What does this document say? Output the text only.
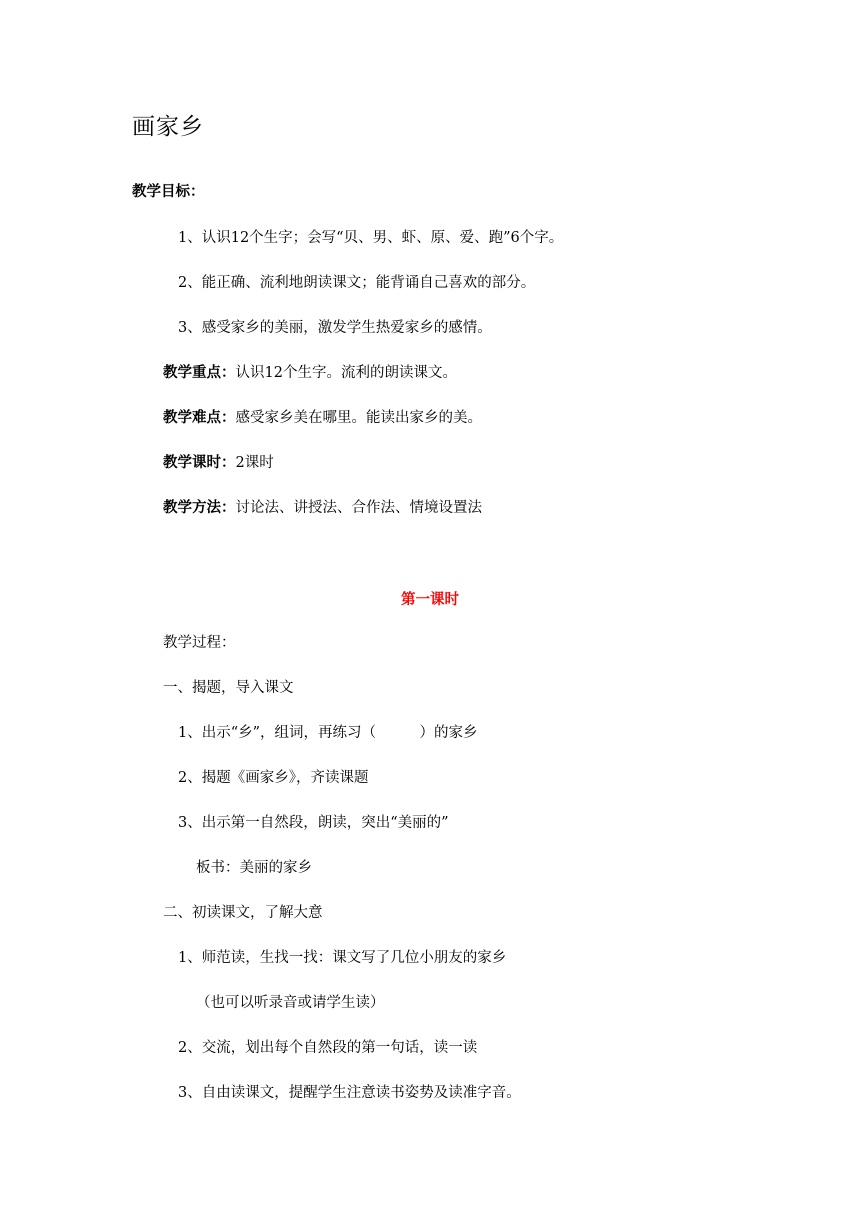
画家乡
教学目标：
1、认识12个生字；会写“贝、男、虾、原、爱、跑”6个字。
2、能正确、流利地朗读课文；能背诵自己喜欢的部分。
3、感受家乡的美丽，激发学生热爱家乡的感情。
教学重点：认识12个生字。流利的朗读课文。
教学难点：感受家乡美在哪里。能读出家乡的美。
教学课时：2课时
教学方法：讨论法、讲授法、合作法、情境设置法
第一课时
教学过程：
一、揭题，导入课文
1、出示“乡”，组词，再练习（　　　）的家乡
2、揭题《画家乡》，齐读课题
3、出示第一自然段，朗读，突出“美丽的”
板书：美丽的家乡
二、初读课文，了解大意
1、师范读，生找一找：课文写了几位小朋友的家乡
（也可以听录音或请学生读）
2、交流，划出每个自然段的第一句话，读一读
3、自由读课文，提醒学生注意读书姿势及读准字音。
